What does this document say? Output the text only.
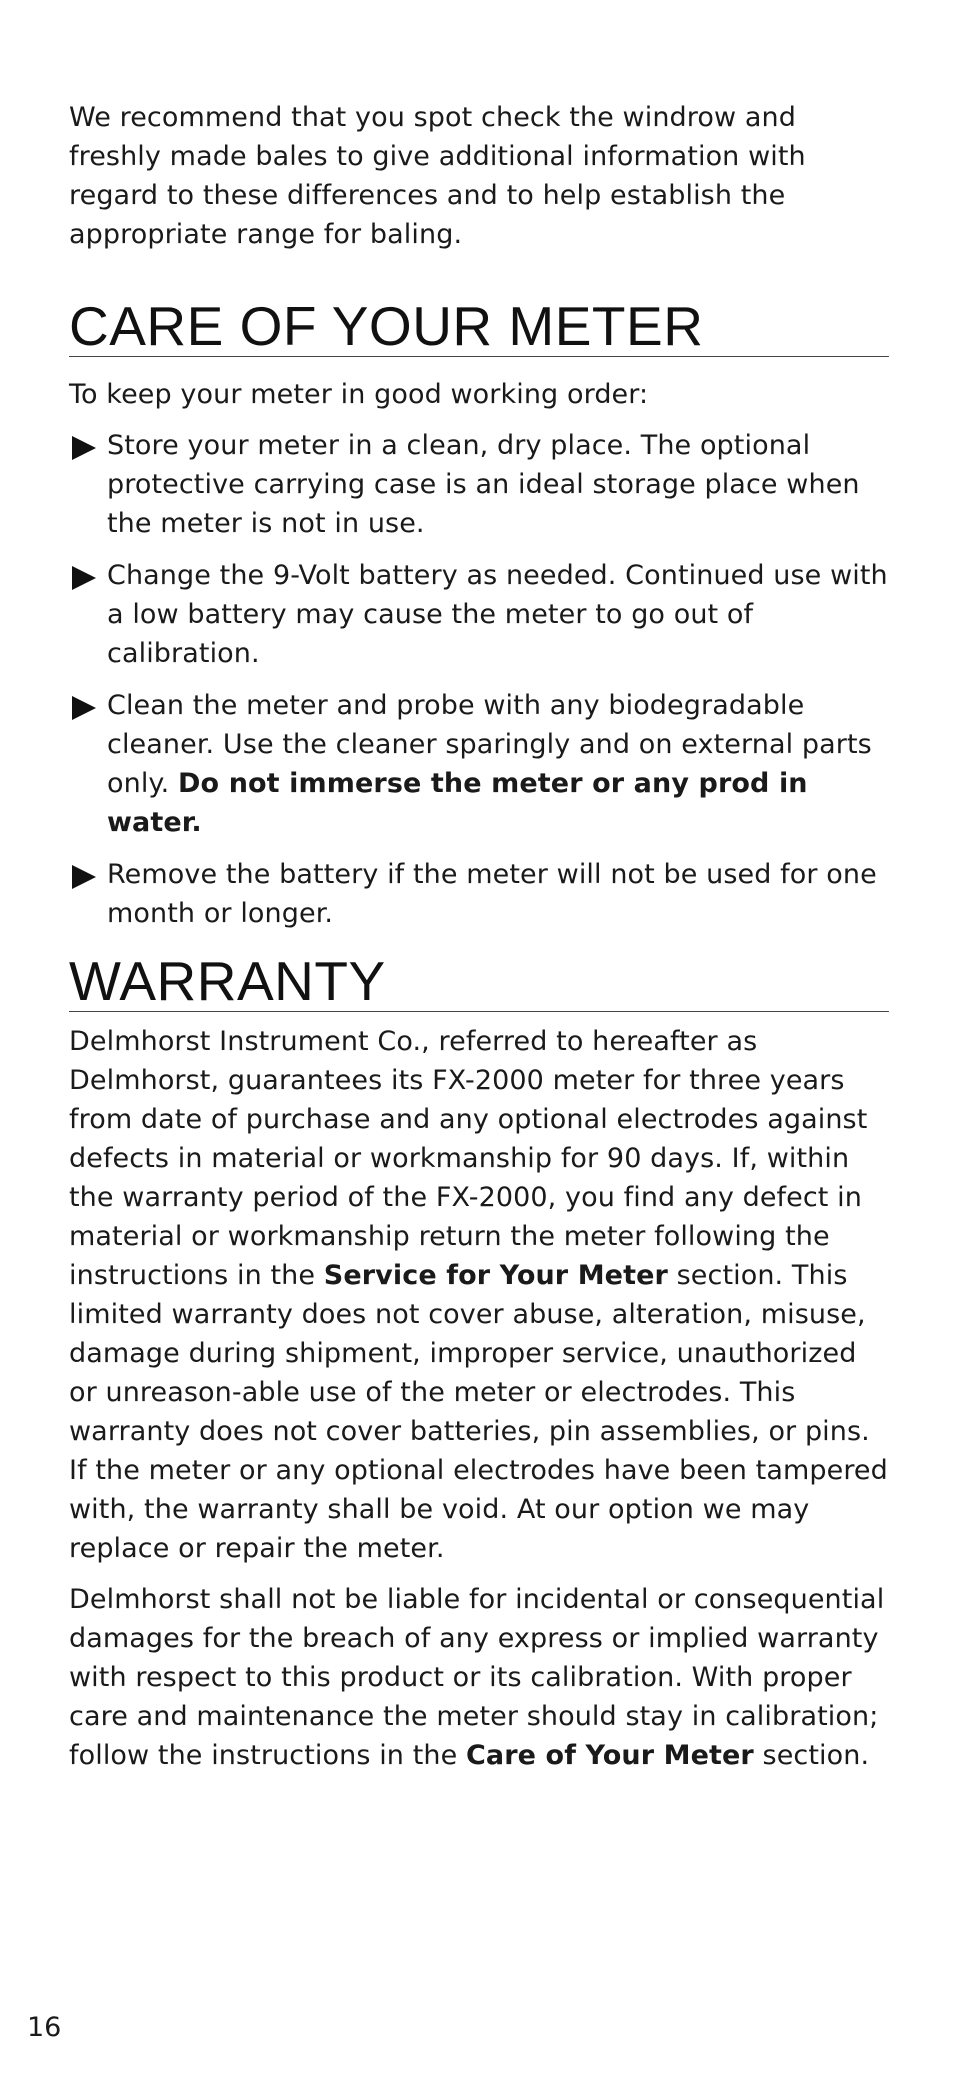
We recommend that you spot check the windrow and freshly made bales to give additional information with regard to these differences and to help establish the appropriate range for baling.

CARE OF YOUR METER

To keep your meter in good working order:

Store your meter in a clean, dry place. The optional protective carrying case is an ideal storage place when the meter is not in use.

Change the 9-Volt battery as needed. Continued use with a low battery may cause the meter to go out of calibration.

Clean the meter and probe with any biodegradable cleaner. Use the cleaner sparingly and on external parts only. Do not immerse the meter or any prod in water.

Remove the battery if the meter will not be used for one month or longer.

WARRANTY

Delmhorst Instrument Co., referred to hereafter as Delmhorst, guarantees its FX-2000 meter for three years from date of purchase and any optional electrodes against defects in material or workmanship for 90 days. If, within the warranty period of the FX-2000, you find any defect in material or workmanship return the meter following the instructions in the Service for Your Meter section. This limited warranty does not cover abuse, alteration, misuse, damage during shipment, improper service, unauthorized or unreason-able use of the meter or electrodes. This warranty does not cover batteries, pin assemblies, or pins. If the meter or any optional electrodes have been tampered with, the warranty shall be void. At our option we may replace or repair the meter.

Delmhorst shall not be liable for incidental or consequential damages for the breach of any express or implied warranty with respect to this product or its calibration. With proper care and maintenance the meter should stay in calibration; follow the instructions in the Care of Your Meter section.

16
